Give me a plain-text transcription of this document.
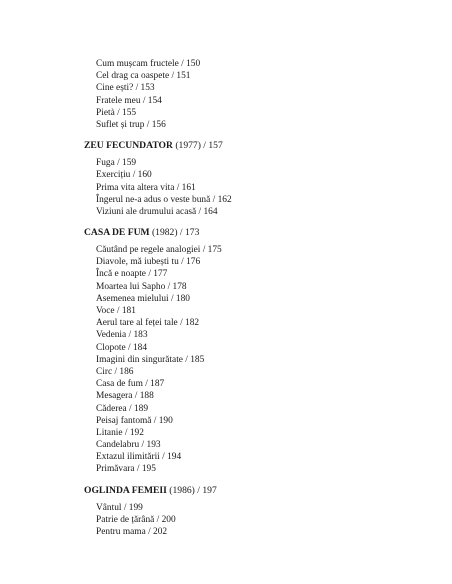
Cum mușcam fructele / 150
Cel drag ca oaspete / 151
Cine ești? / 153
Fratele meu / 154
Pietà / 155
Suflet și trup / 156
ZEU FECUNDATOR (1977) / 157
Fuga / 159
Exercițiu / 160
Prima vita altera vita / 161
Îngerul ne-a adus o veste bună / 162
Viziuni ale drumului acasă / 164
CASA DE FUM (1982) / 173
Căutând pe regele analogiei / 175
Diavole, mă iubești tu / 176
Încă e noapte / 177
Moartea lui Sapho / 178
Asemenea mielului / 180
Voce / 181
Aerul tare al feței tale / 182
Vedenia / 183
Clopote / 184
Imagini din singurătate / 185
Circ / 186
Casa de fum / 187
Mesagera / 188
Căderea / 189
Peisaj fantomă / 190
Litanie / 192
Candelabru / 193
Extazul ilimitării / 194
Primăvara / 195
OGLINDA FEMEII (1986) / 197
Vântul / 199
Patrie de țărână / 200
Pentru mama / 202
